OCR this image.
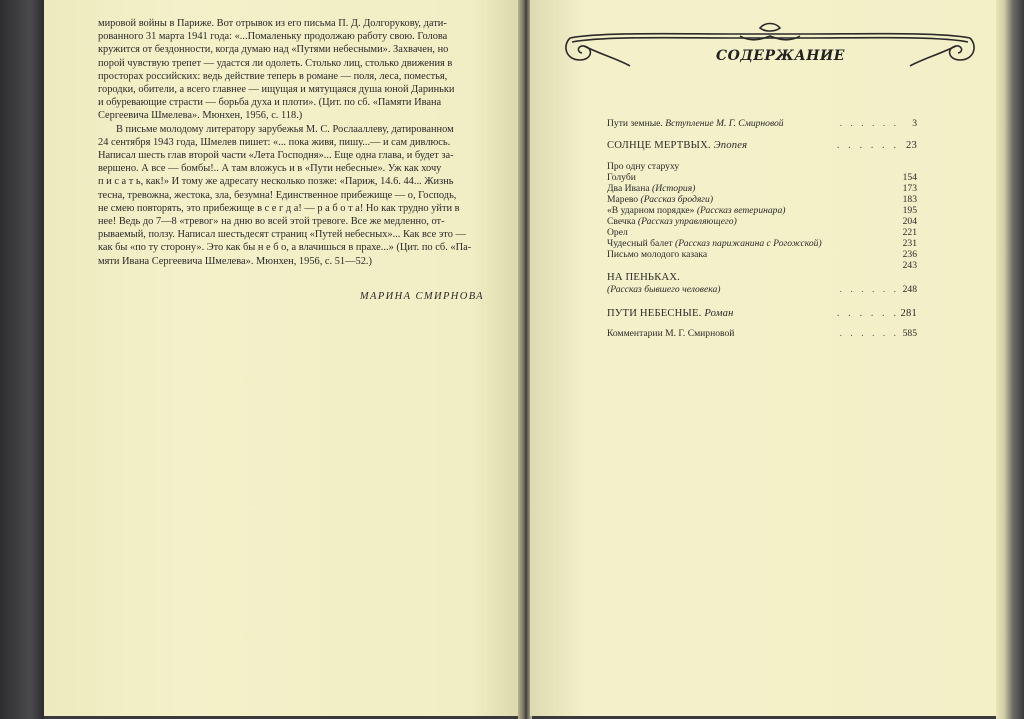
мировой войны в Париже. Вот отрывок из его письма П. Д. Долгорукову, дати-
рованного 31 марта 1941 года: «...Помаленьку продолжаю работу свою. Голова
кружится от бездонности, когда думаю над «Путями небесными». Захвачен, но
порой чувствую трепет — удастся ли одолеть. Столько лиц, столько движения в
просторах российских: ведь действие теперь в романе — поля, леса, поместья,
городки, обители, а всего главнее — ищущая и мятущаяся душа юной Дариньки
и обуревающие страсти — борьба духа и плоти». (Цит. по сб. «Памяти Ивана
Сергеевича Шмелева». Мюнхен, 1956, с. 118.)

В письме молодому литератору зарубежья М. С. Рослааллеву, датированном
24 сентября 1943 года, Шмелев пишет: «... пока живя, пишу...— и сам дивлюсь.
Написал шесть глав второй части «Лета Господня»... Еще одна глава, и будет за-
вершено. А все — бомбы!.. А там вложусь и в «Пути небесные». Уж как хочу
п и с а т ь, как!» И тому же адресату несколько позже: «Париж, 14.6. 44... Жизнь
тесна, тревожна, жестока, зла, безумна! Единственное прибежище — о, Господь,
не смею повторять, это прибежище в с е г д а! — р а б о т а! Но как трудно уйти в
нее! Ведь до 7—8 «тревог» на дню во всей этой тревоге. Все же медленно, от-
рываемый, ползу. Написал шестьдесят страниц «Путей небесных»... Как все это —
как бы «по ту сторону». Это как бы н е б о, а влачишься в прахе...» (Цит. по сб. «Па-
мяти Ивана Сергеевича Шмелева». Мюнхен, 1956, с. 51—52.)

МАРИНА СМИРНОВА
СОДЕРЖАНИЕ
. . . . . .
Пути земные. Вступление М. Г. Смирновой	3
. . . . . .
СОЛНЦЕ МЕРТВЫХ. Эпопея	23
Про одну старуху
Голуби	154
Два Ивана (История)	173
Марево (Рассказ бродяги)	183
«В ударном порядке» (Рассказ ветеринара)	195
Свечка (Рассказ управляющего)	204
Орел	221
Чудесный балет (Рассказ парижанина с Рогожской)	231
Письмо молодого казака	236
243
НА ПЕНЬКАХ.
. . . . . .
(Рассказ бывшего человека)	248
. . . . . .
ПУТИ НЕБЕСНЫЕ. Роман	281
. . . . . .
Комментарии М. Г. Смирновой	585
